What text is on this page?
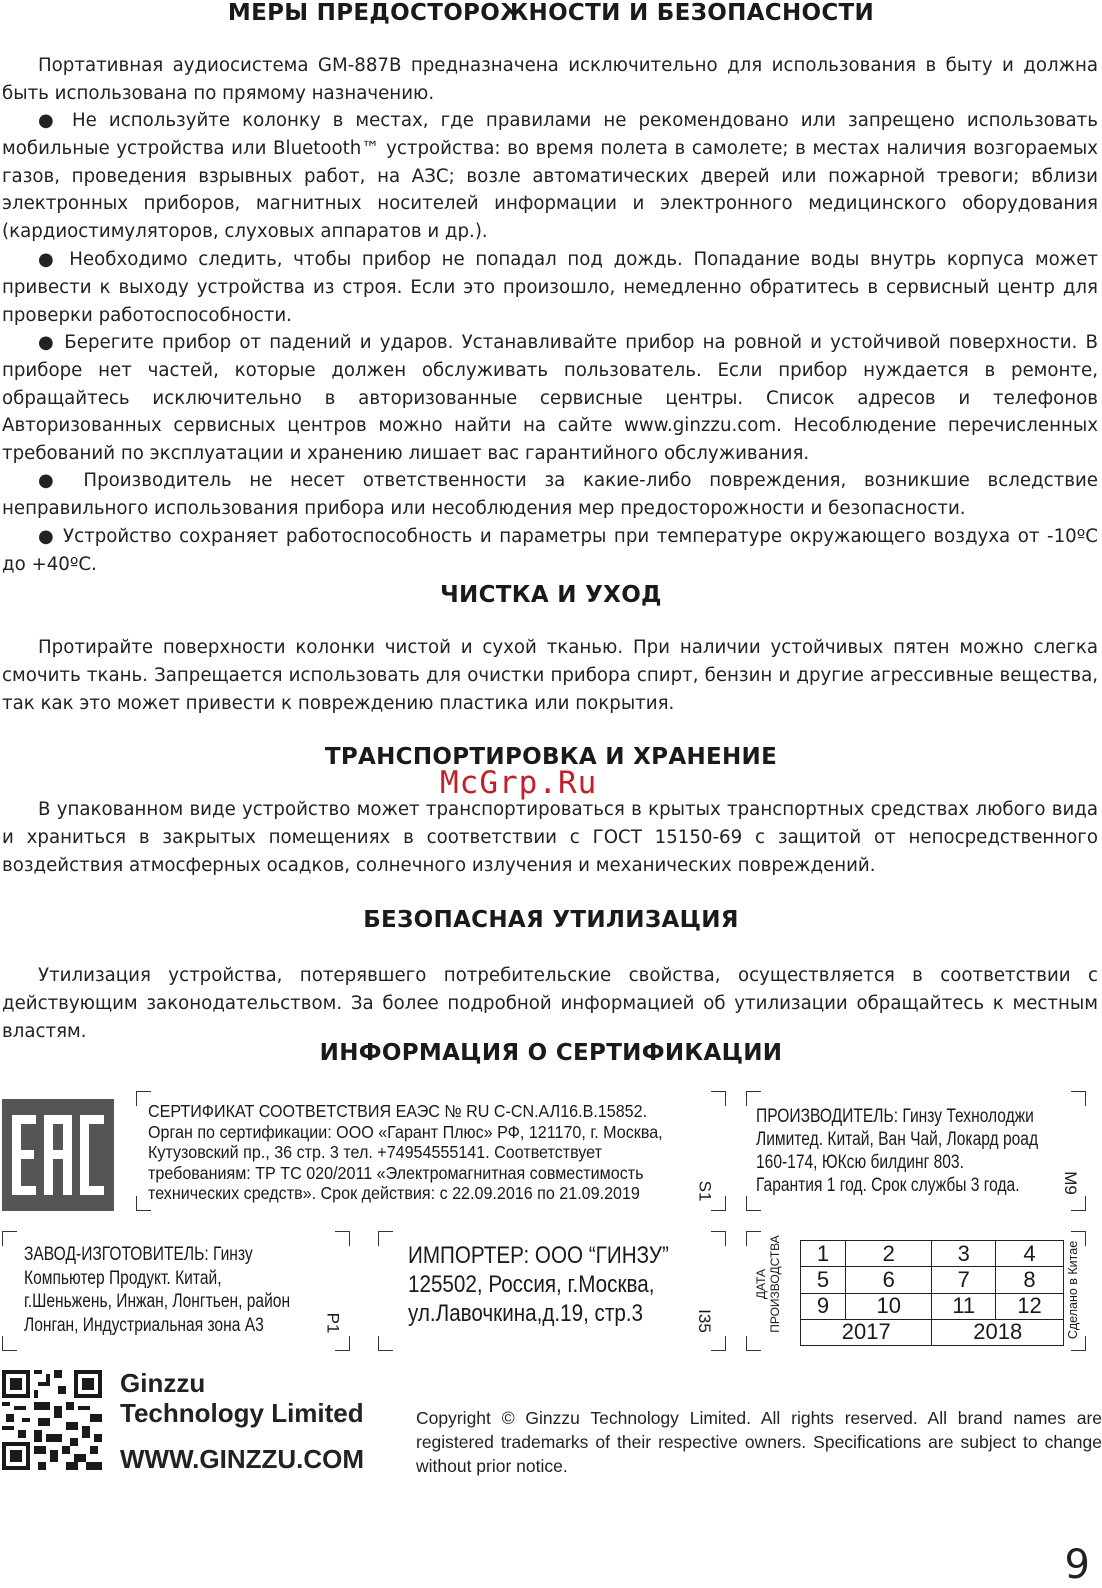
МЕРЫ ПРЕДОСТОРОЖНОСТИ И БЕЗОПАСНОСТИ

Портативная аудиосистема GM-887B предназначена исключительно для использования в быту и должна быть использована по прямому назначению.

● Не используйте колонку в местах, где правилами не рекомендовано или запрещено использовать мобильные устройства или Bluetooth™ устройства: во время полета в самолете; в местах наличия возгораемых газов, проведения взрывных работ, на АЗС; возле автоматических дверей или пожарной тревоги; вблизи электронных приборов, магнитных носителей информации и электронного медицинского оборудования (кардиостимуляторов, слуховых аппаратов и др.).

● Необходимо следить, чтобы прибор не попадал под дождь. Попадание воды внутрь корпуса может привести к выходу устройства из строя. Если это произошло, немедленно обратитесь в сервисный центр для проверки работоспособности.

● Берегите прибор от падений и ударов. Устанавливайте прибор на ровной и устойчивой поверхности. В приборе нет частей, которые должен обслуживать пользователь. Если прибор нуждается в ремонте, обращайтесь исключительно в авторизованные сервисные центры. Список адресов и телефонов Авторизованных сервисных центров можно найти на сайте www.ginzzu.com. Несоблюдение перечисленных требований по эксплуатации и хранению лишает вас гарантийного обслуживания.

● Производитель не несет ответственности за какие-либо повреждения, возникшие вследствие неправильного использования прибора или несоблюдения мер предосторожности и безопасности.

● Устройство сохраняет работоспособность и параметры при температуре окружающего воздуха от -10ºС до +40ºС.

ЧИСТКА И УХОД

Протирайте поверхности колонки чистой и сухой тканью. При наличии устойчивых пятен можно слегка смочить ткань. Запрещается использовать для очистки прибора спирт, бензин и другие агрессивные вещества, так как это может привести к повреждению пластика или покрытия.

ТРАНСПОРТИРОВКА И ХРАНЕНИЕ
McGrp.Ru

В упакованном виде устройство может транспортироваться в крытых транспортных средствах любого вида и храниться в закрытых помещениях в соответствии с ГОСТ 15150-69 с защитой от непосредственного воздействия атмосферных осадков, солнечного излучения и механических повреждений.

БЕЗОПАСНАЯ УТИЛИЗАЦИЯ

Утилизация устройства, потерявшего потребительские свойства, осуществляется в соответствии с действующим законодательством. За более подробной информацией об утилизации обращайтесь к местным властям.

ИНФОРМАЦИЯ О СЕРТИФИКАЦИИ
СЕРТИФИКАТ СООТВЕТСТВИЯ ЕАЭС № RU C-CN.АЛ16.В.15852.
Орган по сертификации: ООО «Гарант Плюс» РФ, 121170, г. Москва,
Кутузовский пр., 36 стр. 3 тел. +74954555141. Соответствует
требованиям: ТР ТС 020/2011 «Электромагнитная совместимость
технических средств». Срок действия: с 22.09.2016 по 21.09.2019	S1
ПРОИЗВОДИТЕЛЬ: Гинзу Технолоджи
Лимитед. Китай, Ван Чай, Локард роад
160-174, ЮКсю билдинг 803.
Гарантия 1 год. Срок службы 3 года.	M9
ЗАВОД-ИЗГОТОВИТЕЛЬ: Гинзу
Компьютер Продукт. Китай,
г.Шеньжень, Инжан, Лонгтьен, район
Лонган, Индустриальная зона А3	P1
ИМПОРТЕР: ООО “ГИНЗУ”
125502, Россия, г.Москва,
ул.Лавочкина,д.19, стр.3	I35
ДАТА
ПРОИЗВОДСТВА 1	2	3	4
5	6	7	8
9	10	11	12
2017		2018		Сделано в Китае
Ginzzu
Technology Limited
WWW.GINZZU.COM
Copyright © Ginzzu Technology Limited. All rights reserved. All brand names are registered trademarks of their respective owners. Specifications are subject to change without prior notice.
9
